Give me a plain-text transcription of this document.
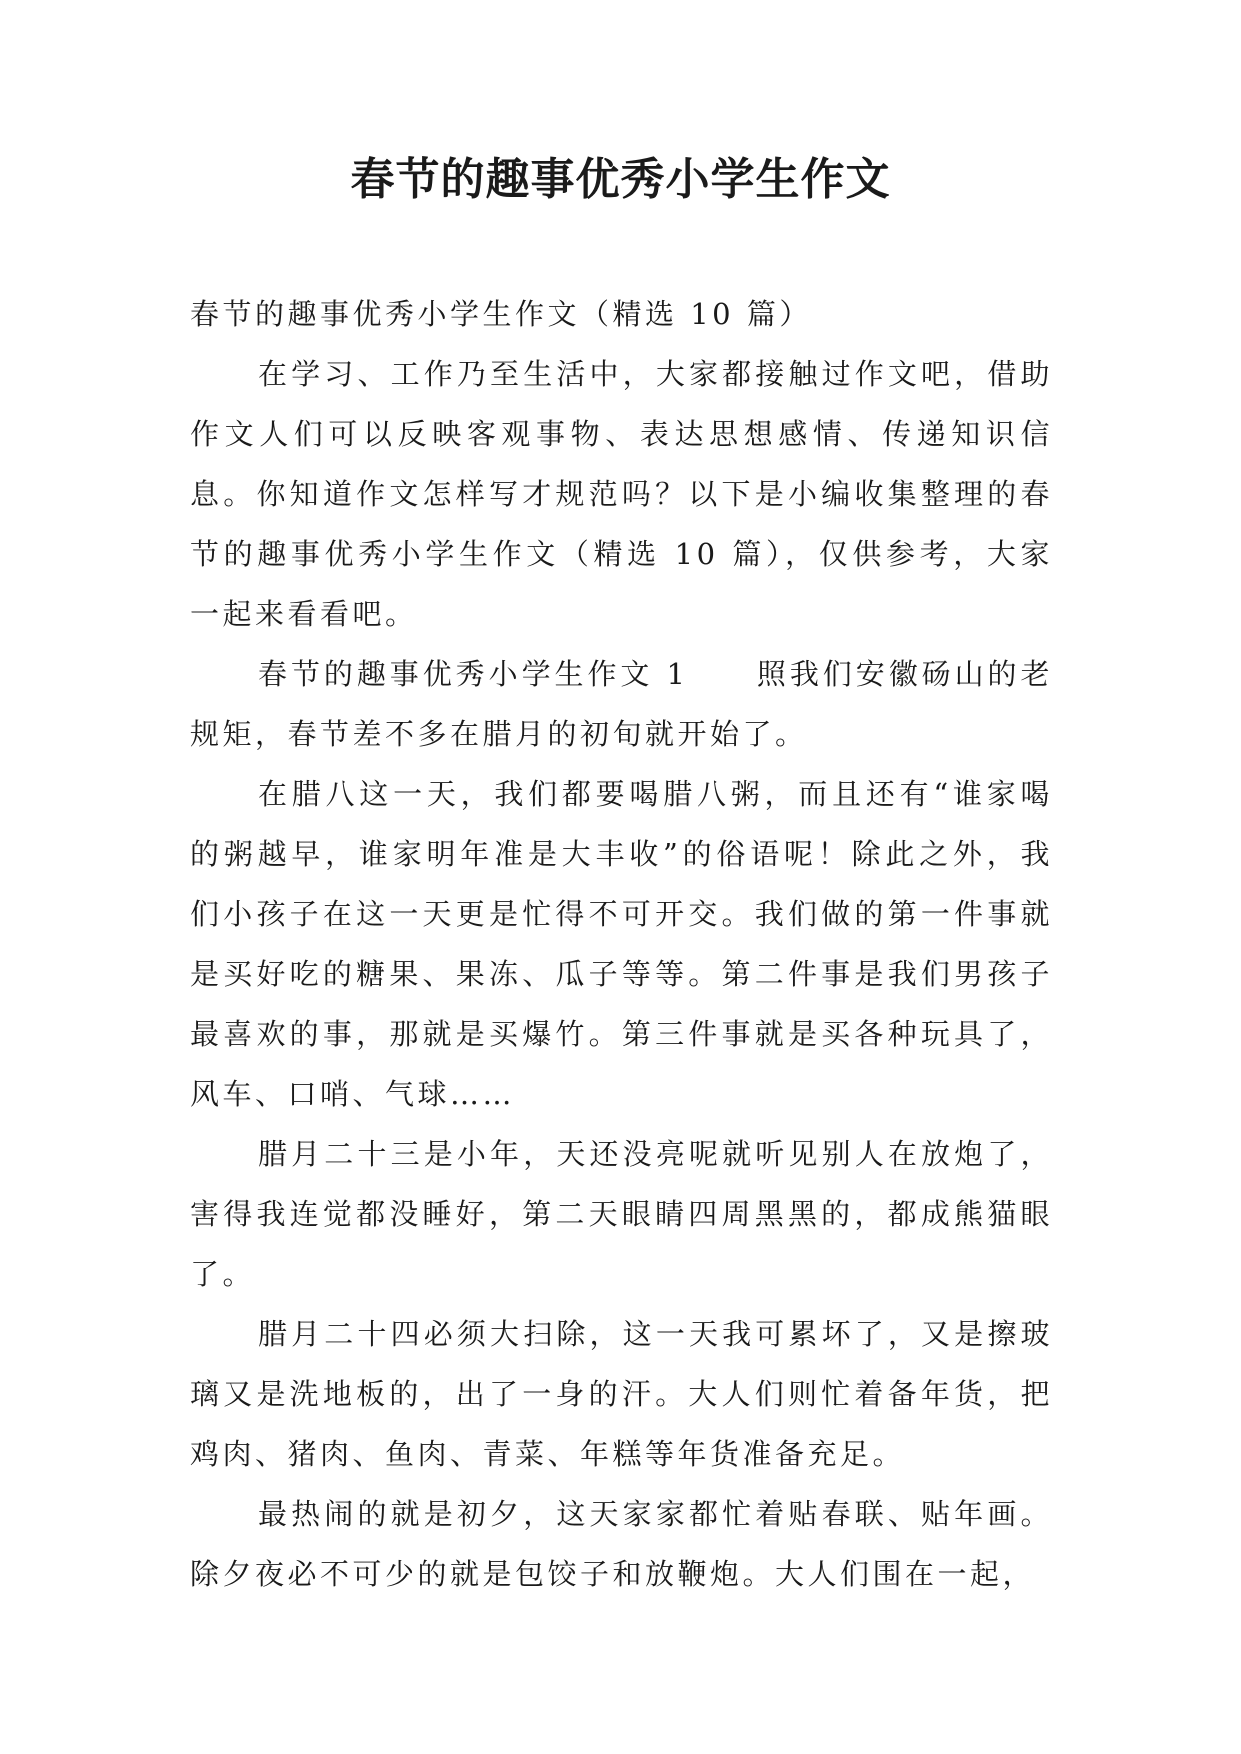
春节的趣事优秀小学生作文

春节的趣事优秀小学生作文（精选 10 篇）

在学习、工作乃至生活中，大家都接触过作文吧，借助作文人们可以反映客观事物、表达思想感情、传递知识信息。你知道作文怎样写才规范吗？以下是小编收集整理的春节的趣事优秀小学生作文（精选 10 篇），仅供参考，大家一起来看看吧。

春节的趣事优秀小学生作文 1 照我们安徽砀山的老规矩，春节差不多在腊月的初旬就开始了。

在腊八这一天，我们都要喝腊八粥，而且还有“谁家喝的粥越早，谁家明年准是大丰收”的俗语呢！除此之外，我们小孩子在这一天更是忙得不可开交。我们做的第一件事就是买好吃的糖果、果冻、瓜子等等。第二件事是我们男孩子最喜欢的事，那就是买爆竹。第三件事就是买各种玩具了，风车、口哨、气球……

腊月二十三是小年，天还没亮呢就听见别人在放炮了，害得我连觉都没睡好，第二天眼睛四周黑黑的，都成熊猫眼了。

腊月二十四必须大扫除，这一天我可累坏了，又是擦玻璃又是洗地板的，出了一身的汗。大人们则忙着备年货，把鸡肉、猪肉、鱼肉、青菜、年糕等年货准备充足。

最热闹的就是初夕，这天家家都忙着贴春联、贴年画。除夕夜必不可少的就是包饺子和放鞭炮。大人们围在一起，
